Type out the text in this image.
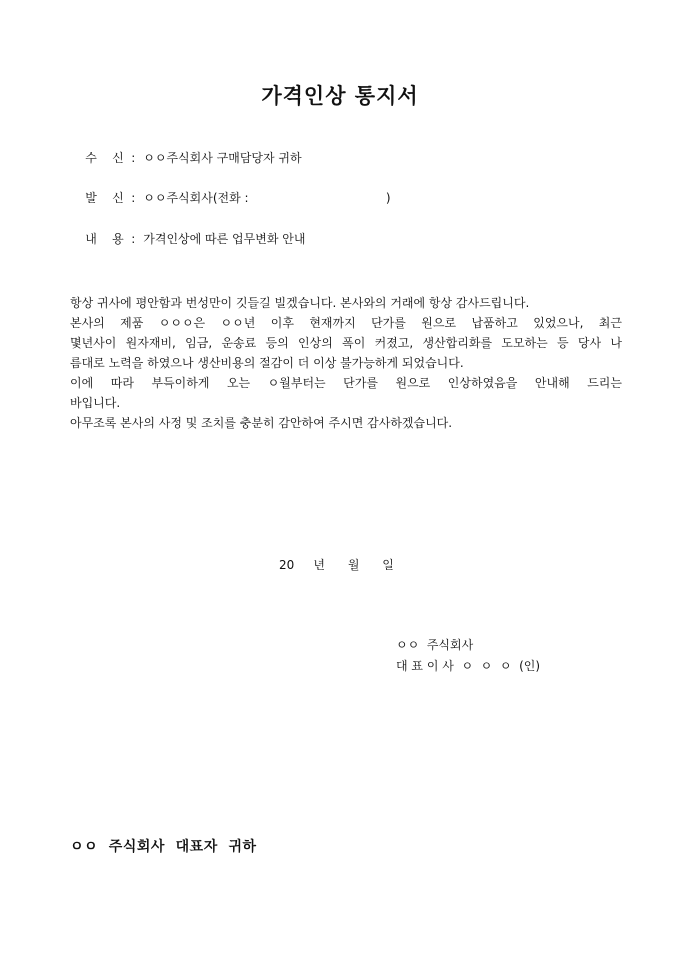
가격인상 통지서

수    신 : ㅇㅇ주식회사 구매담당자 귀하

발    신 : ㅇㅇ주식회사(전화 :                                    )

내    용 : 가격인상에 따른 업무변화 안내

항상 귀사에 평안함과 번성만이 깃들길 빌겠습니다. 본사와의 거래에 항상 감사드립니다.
본사의 제품 ㅇㅇㅇ은 ㅇㅇ년 이후 현재까지 단가를 원으로 납품하고 있었으나, 최근
몇년사이 원자재비, 임금, 운송료 등의 인상의 폭이 커졌고, 생산합리화를 도모하는 등 당사 나
름대로 노력을 하였으나 생산비용의 절감이 더 이상 불가능하게 되었습니다.
이에 따라 부득이하게 오는 ㅇ월부터는 단가를 원으로 인상하였음을 안내해 드리는
바입니다.
아무조록 본사의 사정 및 조치를 충분히 감안하여 주시면 감사하겠습니다.
20     년      월      일
ㅇㅇ  주식회사
대 표 이 사  ㅇ  ㅇ  ㅇ  (인)
ㅇㅇ  주식회사  대표자  귀하
